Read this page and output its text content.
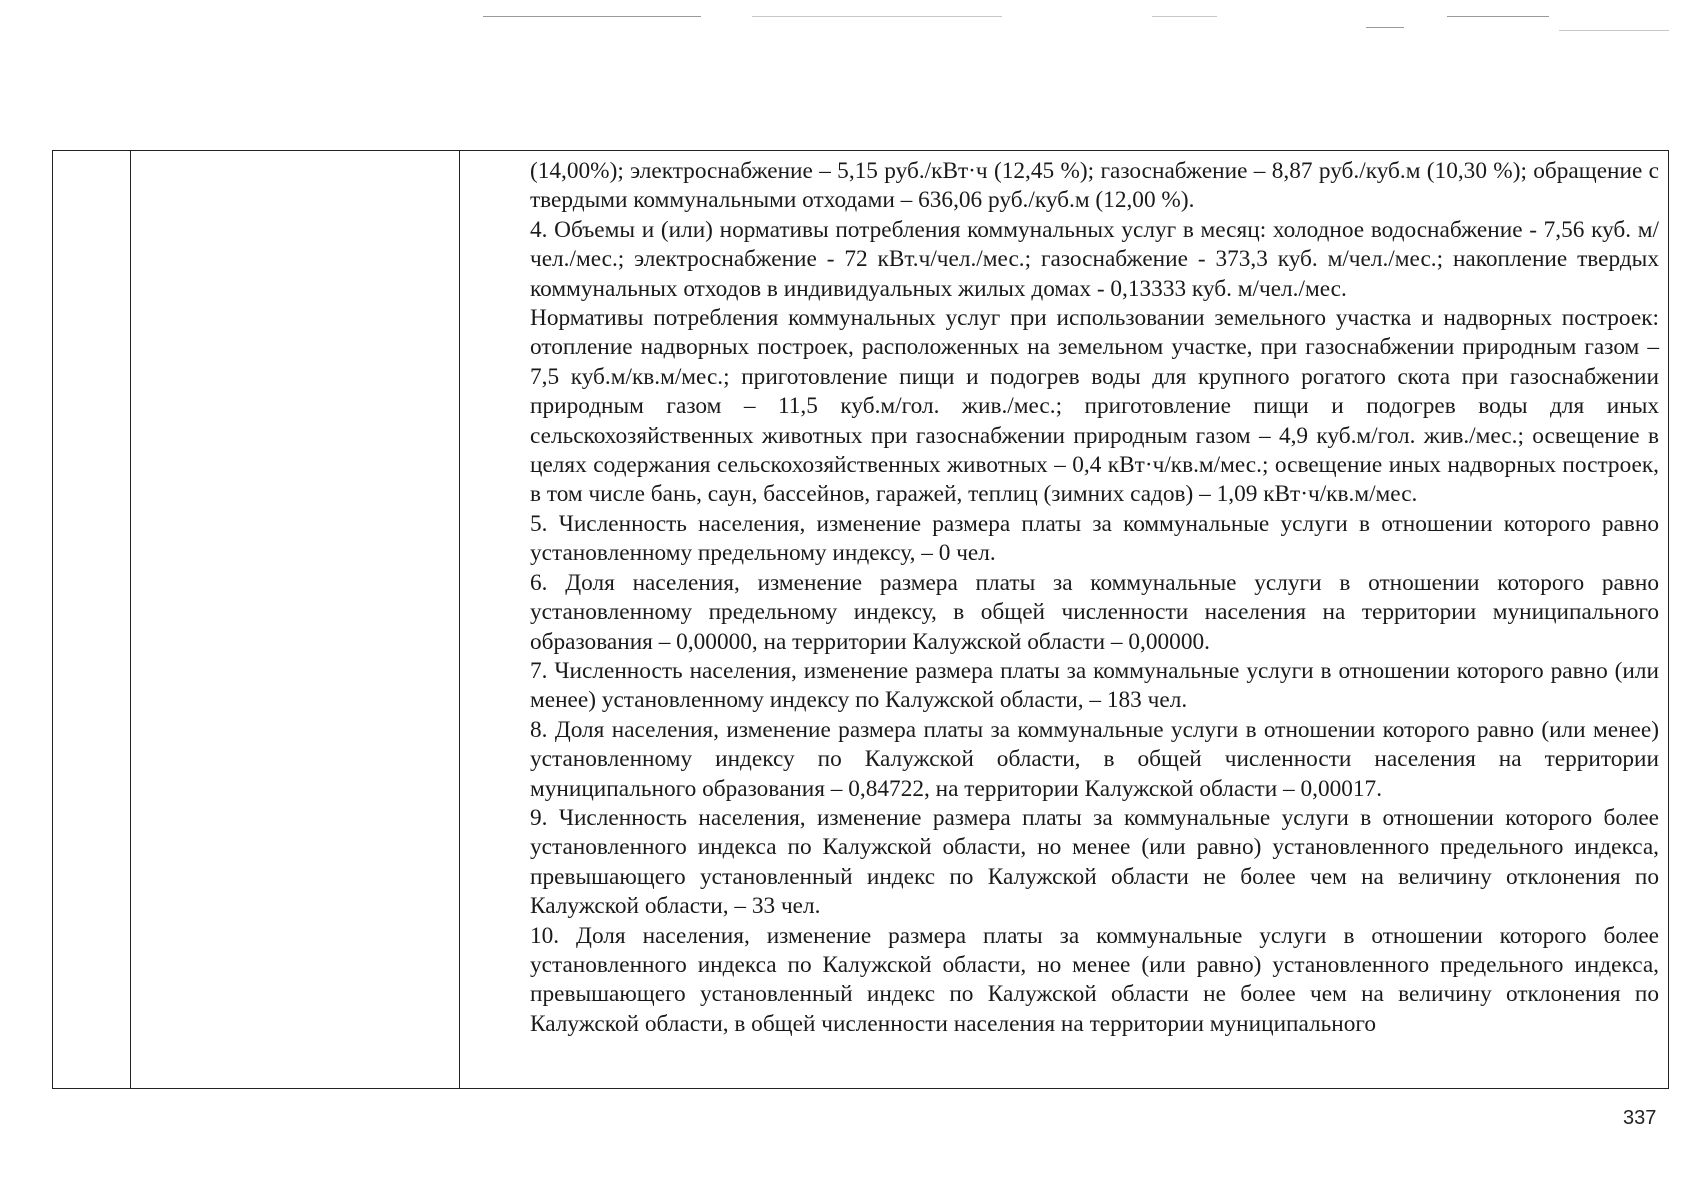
(14,00%); электроснабжение – 5,15 руб./кВт·ч (12,45 %); газоснабжение – 8,87 руб./куб.м (10,30 %); обращение с твердыми коммунальными отходами – 636,06 руб./куб.м (12,00 %).

4. Объемы и (или) нормативы потребления коммунальных услуг в месяц: холодное водоснабжение - 7,56 куб. м/чел./мес.; электроснабжение - 72 кВт.ч/чел./мес.; газоснабжение - 373,3 куб. м/чел./мес.; накопление твердых коммунальных отходов в индивидуальных жилых домах - 0,13333 куб. м/чел./мес.

Нормативы потребления коммунальных услуг при использовании земельного участка и надворных построек: отопление надворных построек, расположенных на земельном участке, при газоснабжении природным газом – 7,5 куб.м/кв.м/мес.; приготовление пищи и подогрев воды для крупного рогатого скота при газоснабжении природным газом – 11,5 куб.м/гол. жив./мес.; приготовление пищи и подогрев воды для иных сельскохозяйственных животных при газоснабжении природным газом – 4,9 куб.м/гол. жив./мес.; освещение в целях содержания сельскохозяйственных животных – 0,4 кВт·ч/кв.м/мес.; освещение иных надворных построек, в том числе бань, саун, бассейнов, гаражей, теплиц (зимних садов) – 1,09 кВт·ч/кв.м/мес.

5. Численность населения, изменение размера платы за коммунальные услуги в отношении которого равно установленному предельному индексу, – 0 чел.

6. Доля населения, изменение размера платы за коммунальные услуги в отношении которого равно установленному предельному индексу, в общей численности населения на территории муниципального образования – 0,00000, на территории Калужской области – 0,00000.

7. Численность населения, изменение размера платы за коммунальные услуги в отношении которого равно (или менее) установленному индексу по Калужской области, – 183 чел.

8. Доля населения, изменение размера платы за коммунальные услуги в отношении которого равно (или менее) установленному индексу по Калужской области, в общей численности населения на территории муниципального образования – 0,84722, на территории Калужской области – 0,00017.

9. Численность населения, изменение размера платы за коммунальные услуги в отношении которого более установленного индекса по Калужской области, но менее (или равно) установленного предельного индекса, превышающего установленный индекс по Калужской области не более чем на величину отклонения по Калужской области, – 33 чел.

10. Доля населения, изменение размера платы за коммунальные услуги в отношении которого более установленного индекса по Калужской области, но менее (или равно) установленного предельного индекса, превышающего установленный индекс по Калужской области не более чем на величину отклонения по Калужской области, в общей численности населения на территории муниципального

337
